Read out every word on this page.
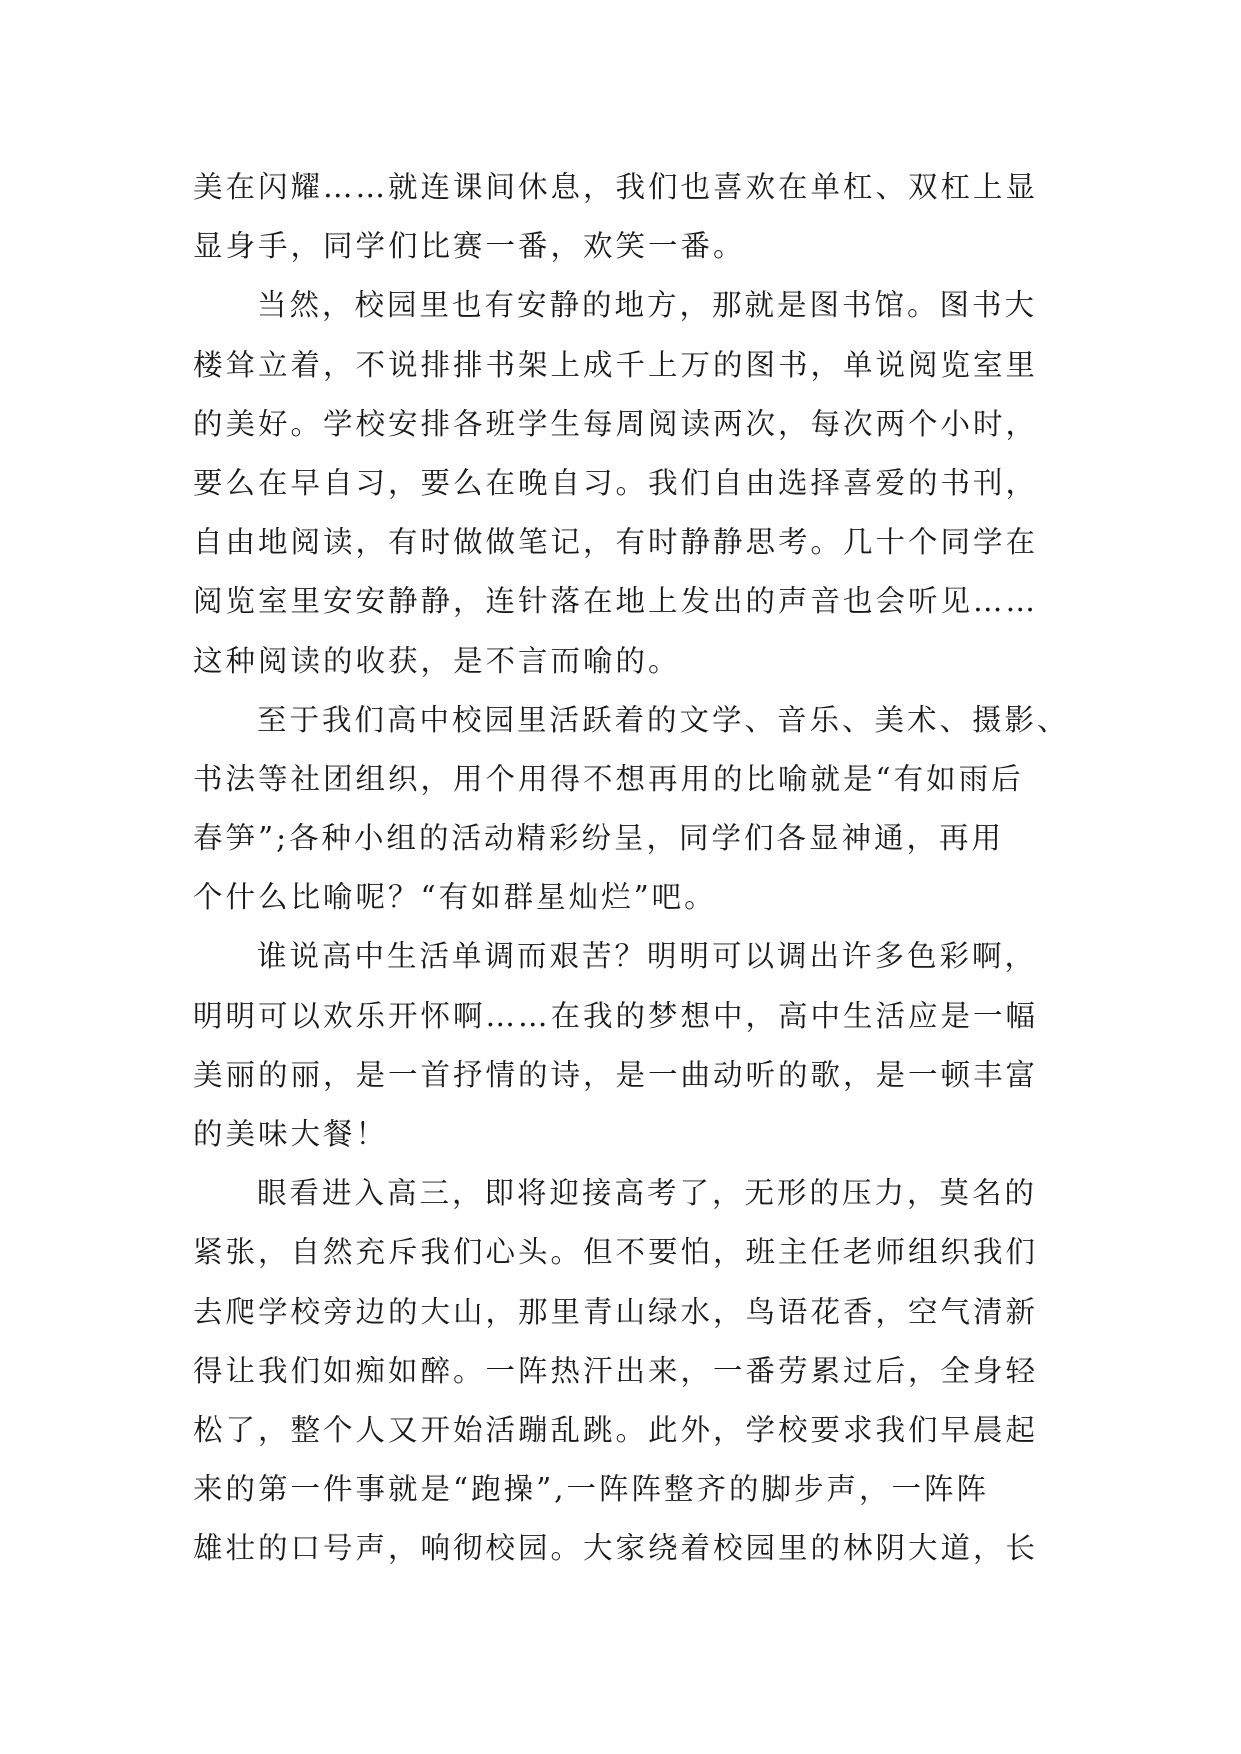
美在闪耀……就连课间休息，我们也喜欢在单杠、双杠上显
显身手，同学们比赛一番，欢笑一番。
当然，校园里也有安静的地方，那就是图书馆。图书大
楼耸立着，不说排排书架上成千上万的图书，单说阅览室里
的美好。学校安排各班学生每周阅读两次，每次两个小时，
要么在早自习，要么在晚自习。我们自由选择喜爱的书刊，
自由地阅读，有时做做笔记，有时静静思考。几十个同学在
阅览室里安安静静，连针落在地上发出的声音也会听见……
这种阅读的收获，是不言而喻的。
至于我们高中校园里活跃着的文学、音乐、美术、摄影、
书法等社团组织，用个用得不想再用的比喻就是“有如雨后
春笋”;各种小组的活动精彩纷呈，同学们各显神通，再用
个什么比喻呢？“有如群星灿烂”吧。
谁说高中生活单调而艰苦？明明可以调出许多色彩啊，
明明可以欢乐开怀啊……在我的梦想中，高中生活应是一幅
美丽的丽，是一首抒情的诗，是一曲动听的歌，是一顿丰富
的美味大餐！
眼看进入高三，即将迎接高考了，无形的压力，莫名的
紧张，自然充斥我们心头。但不要怕，班主任老师组织我们
去爬学校旁边的大山，那里青山绿水，鸟语花香，空气清新
得让我们如痴如醉。一阵热汗出来，一番劳累过后，全身轻
松了，整个人又开始活蹦乱跳。此外，学校要求我们早晨起
来的第一件事就是“跑操”,一阵阵整齐的脚步声，一阵阵
雄壮的口号声，响彻校园。大家绕着校园里的林阴大道，长
